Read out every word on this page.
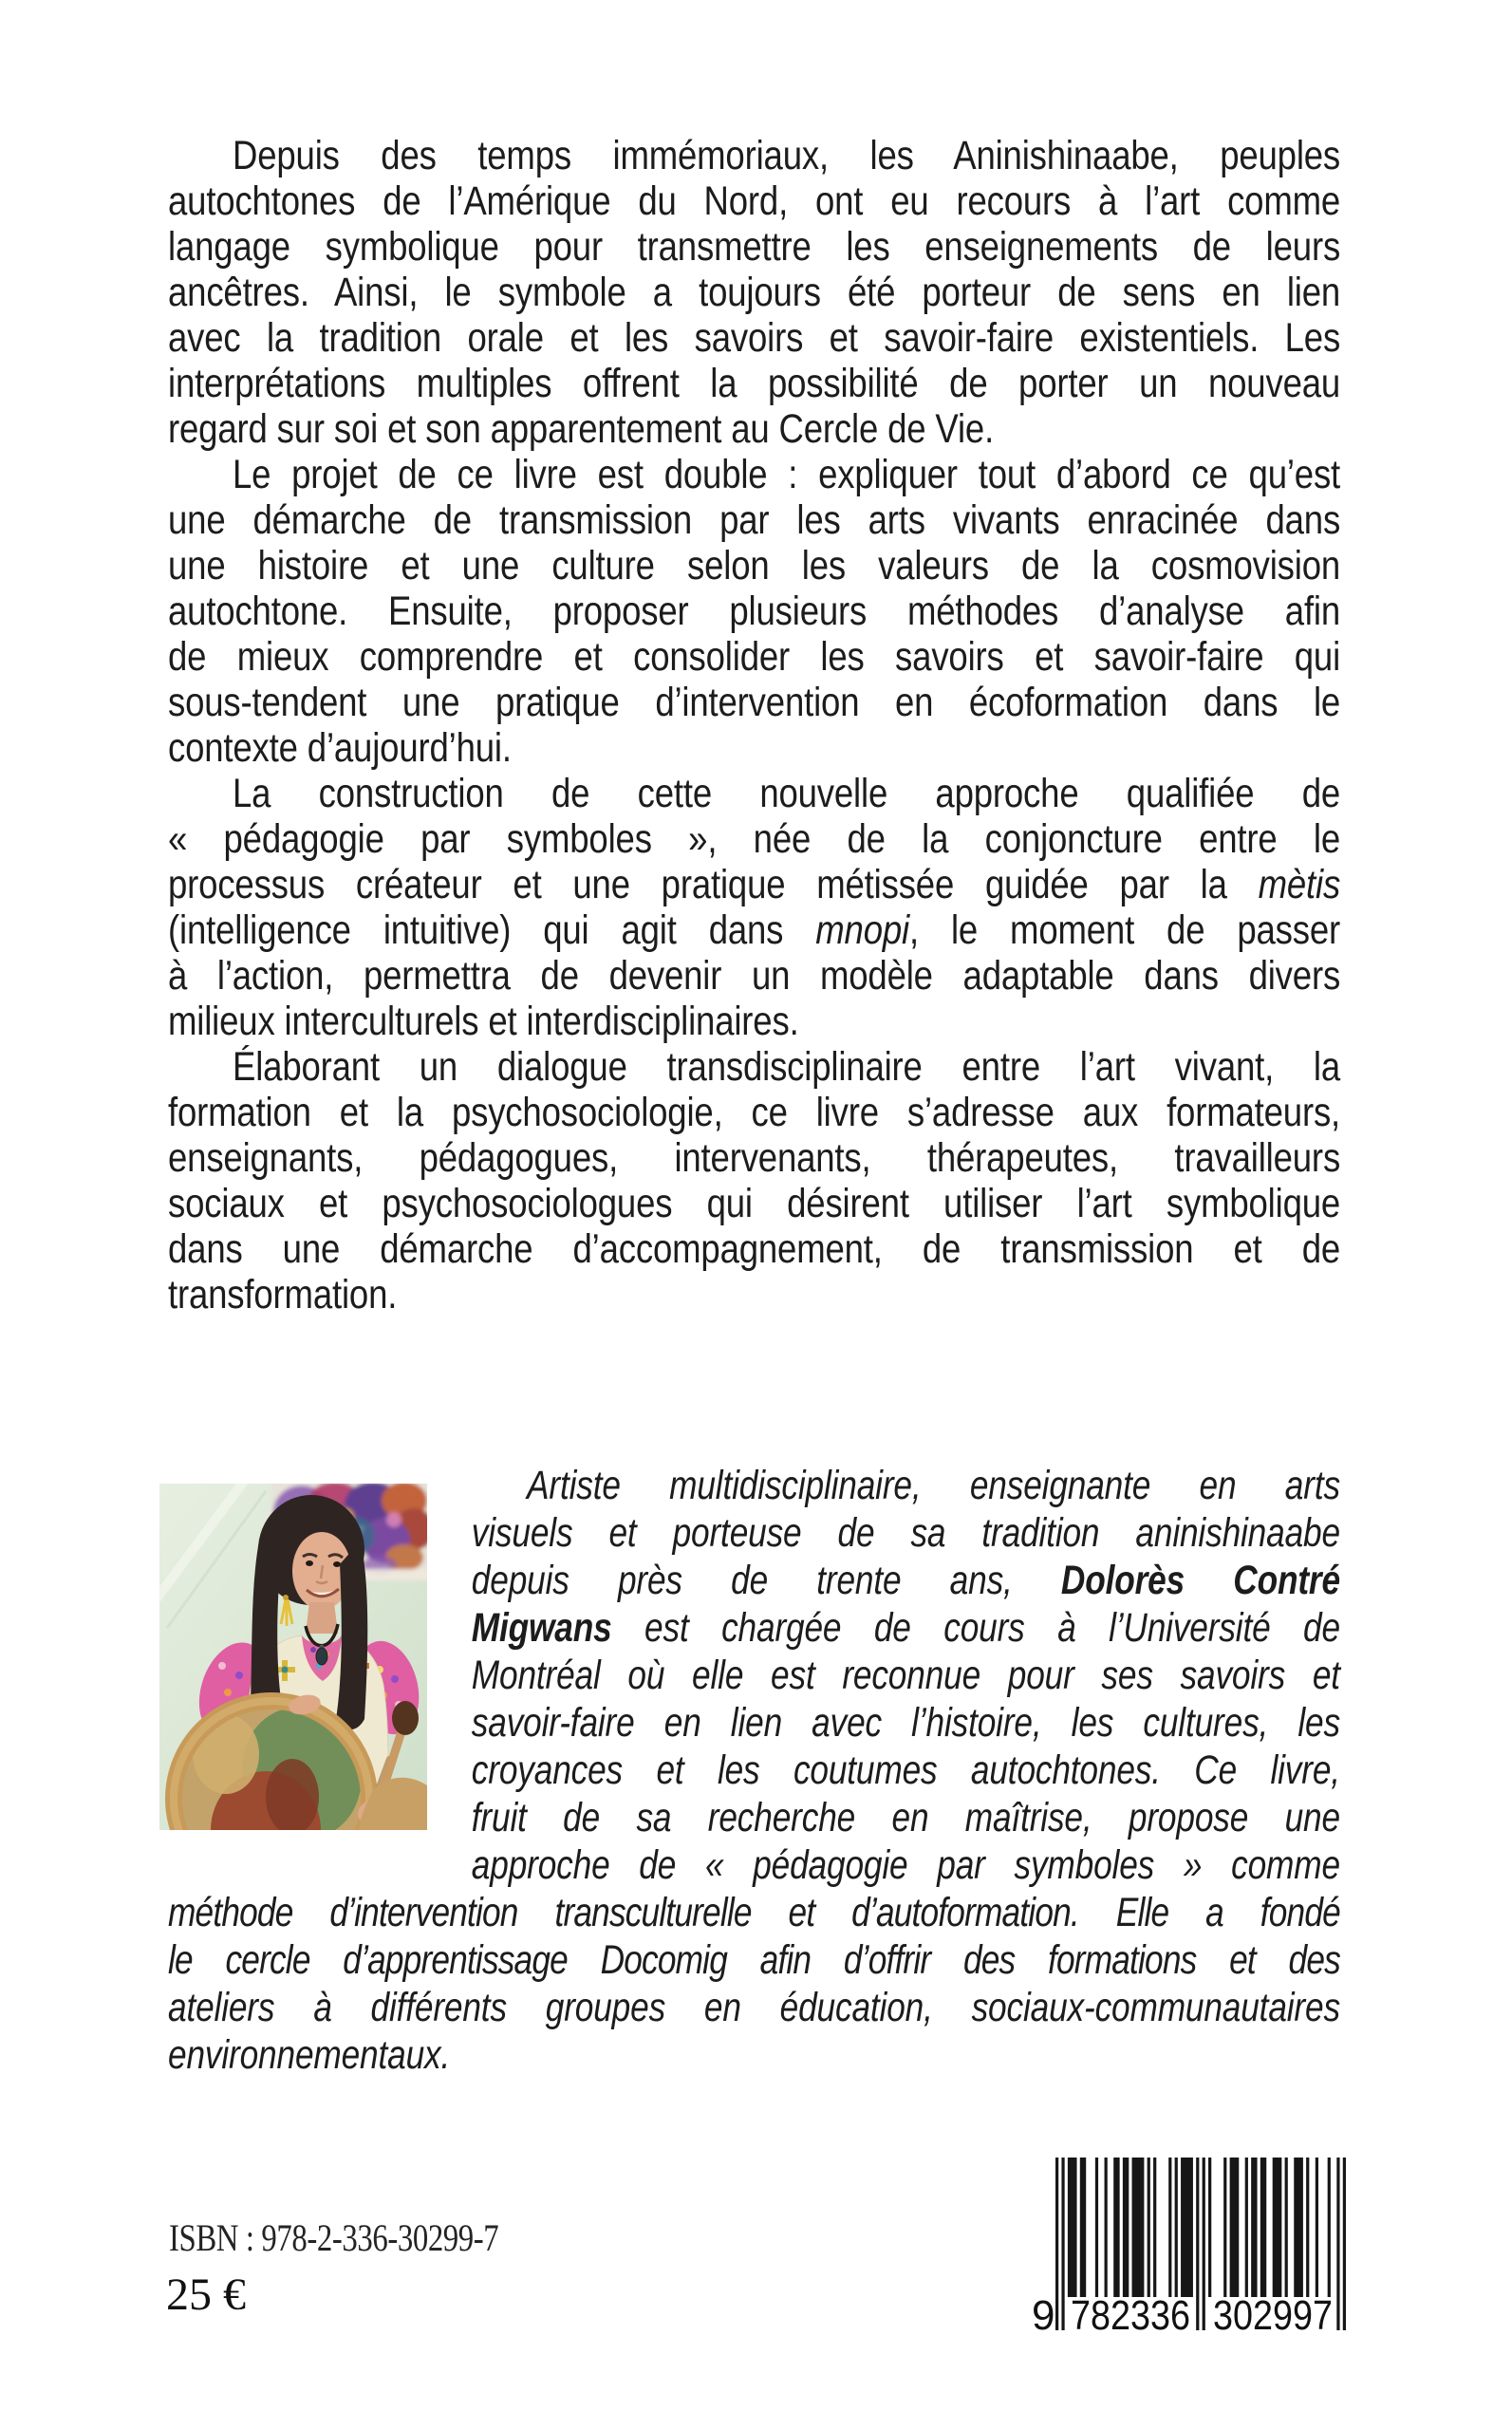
Depuis des temps immémoriaux, les Aninishinaabe, peuples
autochtones de l’Amérique du Nord, ont eu recours à l’art comme
langage symbolique pour transmettre les enseignements de leurs
ancêtres. Ainsi, le symbole a toujours été porteur de sens en lien
avec la tradition orale et les savoirs et savoir-faire existentiels. Les
interprétations multiples offrent la possibilité de porter un nouveau
regard sur soi et son apparentement au Cercle de Vie.
Le projet de ce livre est double : expliquer tout d’abord ce qu’est
une démarche de transmission par les arts vivants enracinée dans
une histoire et une culture selon les valeurs de la cosmovision
autochtone. Ensuite, proposer plusieurs méthodes d’analyse afin
de mieux comprendre et consolider les savoirs et savoir-faire qui
sous-tendent une pratique d’intervention en écoformation dans le
contexte d’aujourd’hui.
La construction de cette nouvelle approche qualifiée de
« pédagogie par symboles », née de la conjoncture entre le
processus créateur et une pratique métissée guidée par la mètis
(intelligence intuitive) qui agit dans mnopi, le moment de passer
à l’action, permettra de devenir un modèle adaptable dans divers
milieux interculturels et interdisciplinaires.
Élaborant un dialogue transdisciplinaire entre l’art vivant, la
formation et la psychosociologie, ce livre s’adresse aux formateurs,
enseignants, pédagogues, intervenants, thérapeutes, travailleurs
sociaux et psychosociologues qui désirent utiliser l’art symbolique
dans une démarche d’accompagnement, de transmission et de
transformation.
Artiste multidisciplinaire, enseignante en arts
visuels et porteuse de sa tradition aninishinaabe
depuis près de trente ans, Dolorès Contré
Migwans est chargée de cours à l’Université de
Montréal où elle est reconnue pour ses savoirs et
savoir-faire en lien avec l’histoire, les cultures, les
croyances et les coutumes autochtones. Ce livre,
fruit de sa recherche en maîtrise, propose une
approche de « pédagogie par symboles » comme
méthode d’intervention transculturelle et d’autoformation. Elle a fondé
le cercle d’apprentissage Docomig afin d’offrir des formations et des
ateliers à différents groupes en éducation, sociaux-communautaires
environnementaux.
ISBN : 978-2-336-30299-7
25 €	9 782336 302997
